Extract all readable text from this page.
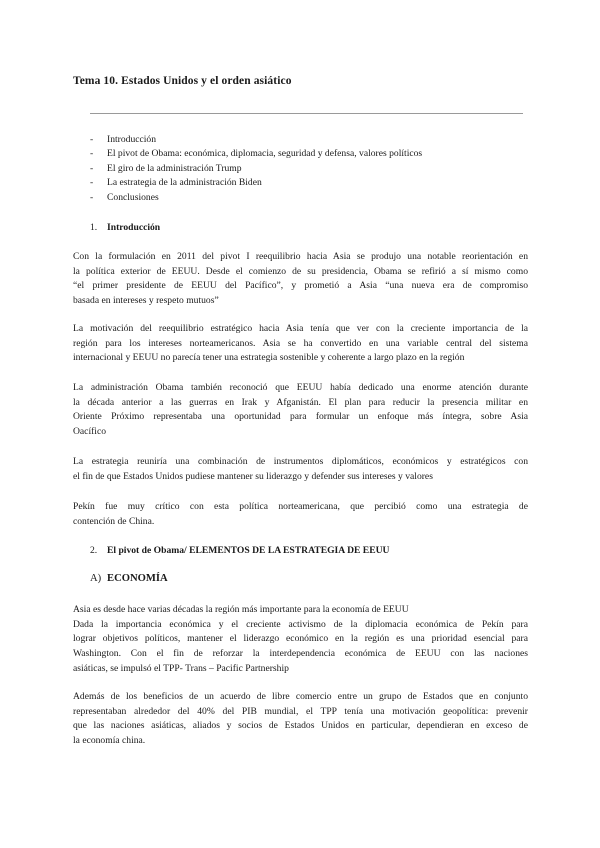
Tema 10. Estados Unidos y el orden asiático
- Introducción
- El pivot de Obama: económica, diplomacia, seguridad y defensa, valores políticos
- El giro de la administración Trump
- La estrategia de la administración Biden
- Conclusiones
1. Introducción
Con la formulación en 2011 del pivot I reequilibrio hacia Asia se produjo una notable reorientación en
la política exterior de EEUU. Desde el comienzo de su presidencia, Obama se refirió a sí mismo como
“el primer presidente de EEUU del Pacífico”, y prometió a Asia “una nueva era de compromiso
basada en intereses y respeto mutuos”
La motivación del reequilibrio estratégico hacia Asia tenía que ver con la creciente importancia de la
región para los intereses norteamericanos. Asia se ha convertido en una variable central del sistema
internacional y EEUU no parecía tener una estrategia sostenible y coherente a largo plazo en la región
La administración Obama también reconoció que EEUU había dedicado una enorme atención durante
la década anterior a las guerras en Irak y Afganistán. El plan para reducir la presencia militar en
Oriente Próximo representaba una oportunidad para formular un enfoque más íntegra, sobre Asia
Oacífico
La estrategia reuniría una combinación de instrumentos diplomáticos, económicos y estratégicos con
el fin de que Estados Unidos pudiese mantener su liderazgo y defender sus intereses y valores
Pekín fue muy crítico con esta política norteamericana, que percibió como una estrategia de
contención de China.
2. El pivot de Obama/ ELEMENTOS DE LA ESTRATEGIA DE EEUU
A) ECONOMÍA
Asia es desde hace varias décadas la región más importante para la economía de EEUU
Dada la importancia económica y el creciente activismo de la diplomacia económica de Pekín para
lograr objetivos políticos, mantener el liderazgo económico en la región es una prioridad esencial para
Washington. Con el fin de reforzar la interdependencia económica de EEUU con las naciones
asiáticas, se impulsó el TPP- Trans – Pacific Partnership
Además de los beneficios de un acuerdo de libre comercio entre un grupo de Estados que en conjunto
representaban alrededor del 40% del PIB mundial, el TPP tenía una motivación geopolítica: prevenir
que las naciones asiáticas, aliados y socios de Estados Unidos en particular, dependieran en exceso de
la economía china.
